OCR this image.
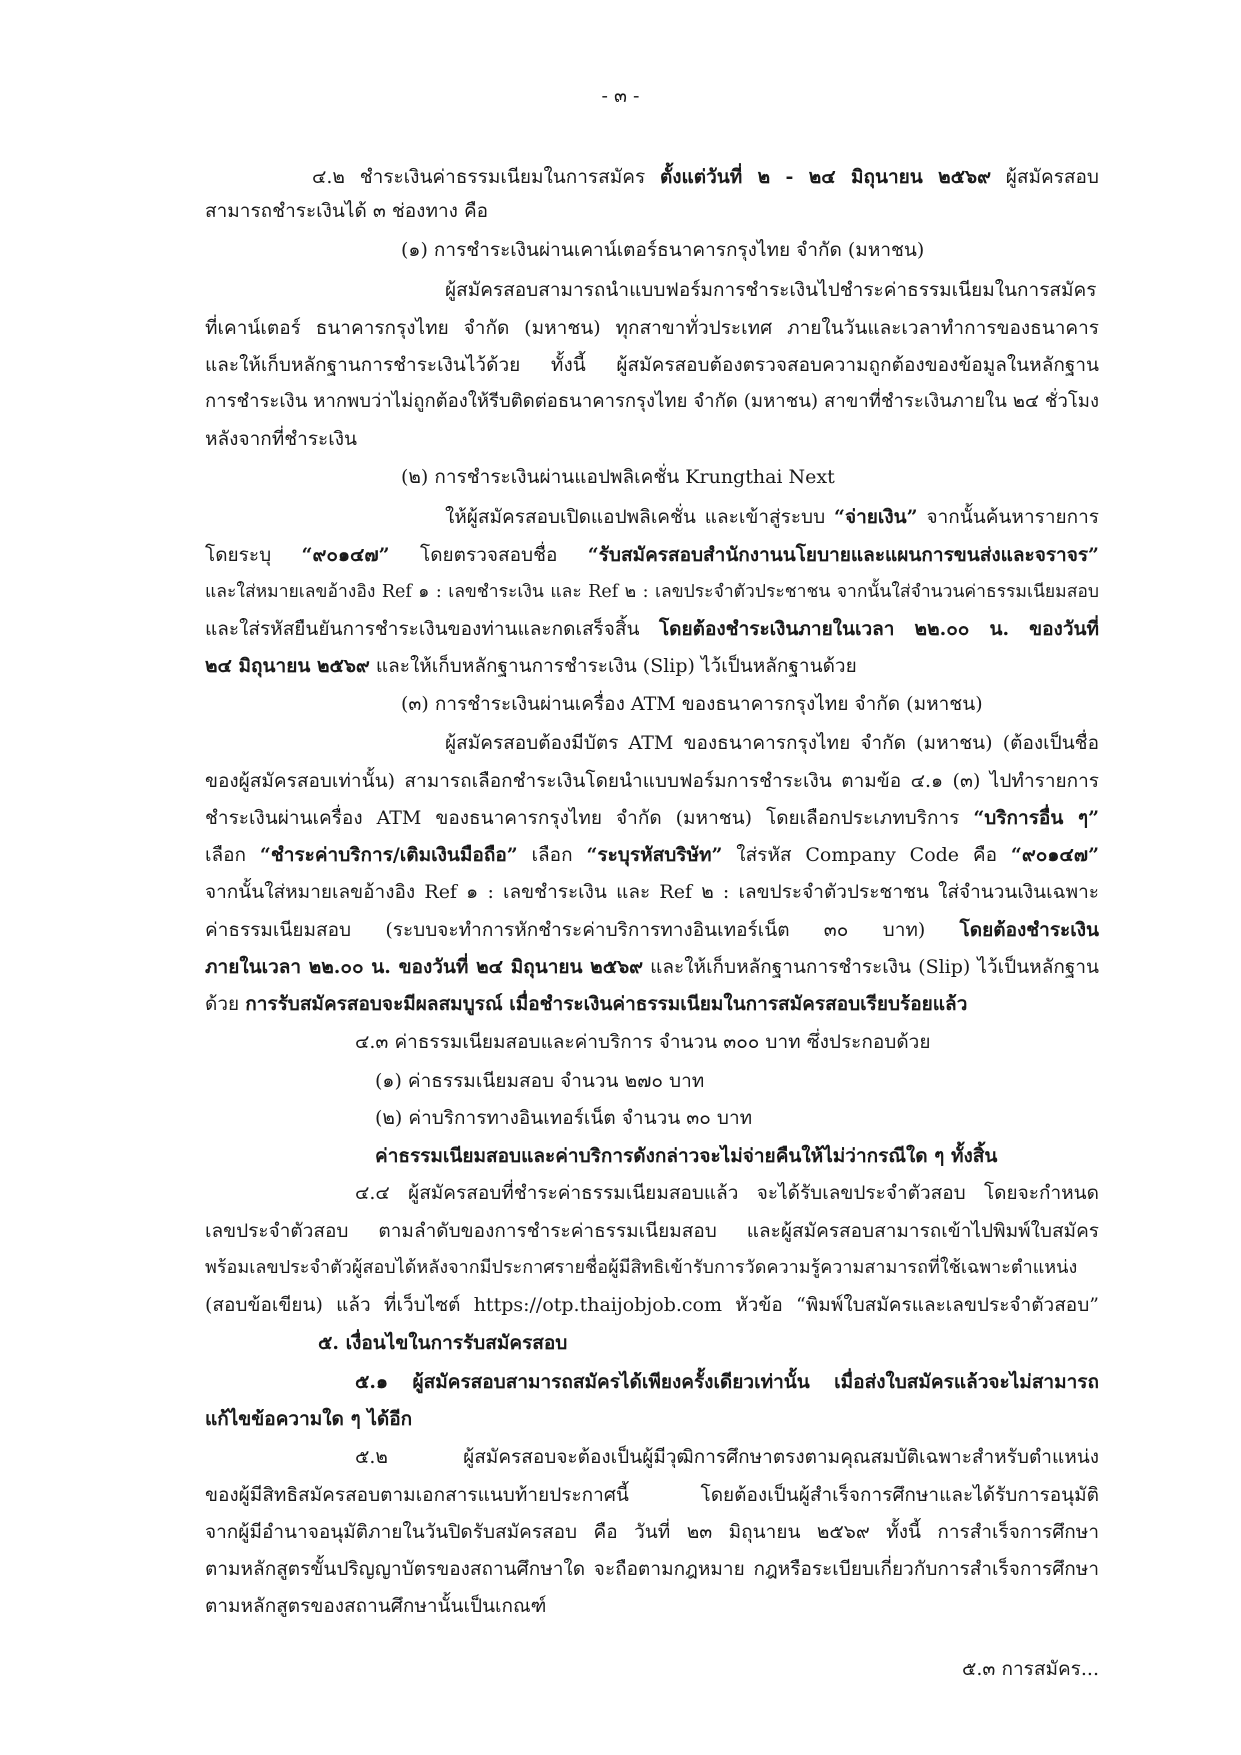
- ๓ -
๔.๒ ชำระเงินค่าธรรมเนียมในการสมัคร ตั้งแต่วันที่ ๒ - ๒๔ มิถุนายน ๒๕๖๙ ผู้สมัครสอบ
สามารถชำระเงินได้ ๓ ช่องทาง คือ
(๑) การชำระเงินผ่านเคาน์เตอร์ธนาคารกรุงไทย จำกัด (มหาชน)
ผู้สมัครสอบสามารถนำแบบฟอร์มการชำระเงินไปชำระค่าธรรมเนียมในการสมัคร
ที่เคาน์เตอร์ ธนาคารกรุงไทย จำกัด (มหาชน) ทุกสาขาทั่วประเทศ ภายในวันและเวลาทำการของธนาคาร
และให้เก็บหลักฐานการชำระเงินไว้ด้วย ทั้งนี้ ผู้สมัครสอบต้องตรวจสอบความถูกต้องของข้อมูลในหลักฐาน
การชำระเงิน หากพบว่าไม่ถูกต้องให้รีบติดต่อธนาคารกรุงไทย จำกัด (มหาชน) สาขาที่ชำระเงินภายใน ๒๔ ชั่วโมง
หลังจากที่ชำระเงิน
(๒) การชำระเงินผ่านแอปพลิเคชั่น Krungthai Next
ให้ผู้สมัครสอบเปิดแอปพลิเคชั่น และเข้าสู่ระบบ “จ่ายเงิน” จากนั้นค้นหารายการ
โดยระบุ “๙๐๑๔๗” โดยตรวจสอบชื่อ “รับสมัครสอบสำนักงานนโยบายและแผนการขนส่งและจราจร”
และใส่หมายเลขอ้างอิง Ref ๑ : เลขชำระเงิน และ Ref ๒ : เลขประจำตัวประชาชน จากนั้นใส่จำนวนค่าธรรมเนียมสอบ
และใส่รหัสยืนยันการชำระเงินของท่านและกดเสร็จสิ้น โดยต้องชำระเงินภายในเวลา ๒๒.๐๐ น. ของวันที่
๒๔ มิถุนายน ๒๕๖๙ และให้เก็บหลักฐานการชำระเงิน (Slip) ไว้เป็นหลักฐานด้วย
(๓) การชำระเงินผ่านเครื่อง ATM ของธนาคารกรุงไทย จำกัด (มหาชน)
ผู้สมัครสอบต้องมีบัตร ATM ของธนาคารกรุงไทย จำกัด (มหาชน) (ต้องเป็นชื่อ
ของผู้สมัครสอบเท่านั้น) สามารถเลือกชำระเงินโดยนำแบบฟอร์มการชำระเงิน ตามข้อ ๔.๑ (๓) ไปทำรายการ
ชำระเงินผ่านเครื่อง ATM ของธนาคารกรุงไทย จำกัด (มหาชน) โดยเลือกประเภทบริการ “บริการอื่น ๆ”
เลือก “ชำระค่าบริการ/เติมเงินมือถือ” เลือก “ระบุรหัสบริษัท” ใส่รหัส Company Code คือ “๙๐๑๔๗”
จากนั้นใส่หมายเลขอ้างอิง Ref ๑ : เลขชำระเงิน และ Ref ๒ : เลขประจำตัวประชาชน ใส่จำนวนเงินเฉพาะ
ค่าธรรมเนียมสอบ (ระบบจะทำการหักชำระค่าบริการทางอินเทอร์เน็ต ๓๐ บาท) โดยต้องชำระเงิน
ภายในเวลา ๒๒.๐๐ น. ของวันที่ ๒๔ มิถุนายน ๒๕๖๙ และให้เก็บหลักฐานการชำระเงิน (Slip) ไว้เป็นหลักฐาน
ด้วย การรับสมัครสอบจะมีผลสมบูรณ์ เมื่อชำระเงินค่าธรรมเนียมในการสมัครสอบเรียบร้อยแล้ว
๔.๓ ค่าธรรมเนียมสอบและค่าบริการ จำนวน ๓๐๐ บาท ซึ่งประกอบด้วย
(๑) ค่าธรรมเนียมสอบ จำนวน ๒๗๐ บาท
(๒) ค่าบริการทางอินเทอร์เน็ต จำนวน ๓๐ บาท
ค่าธรรมเนียมสอบและค่าบริการดังกล่าวจะไม่จ่ายคืนให้ไม่ว่ากรณีใด ๆ ทั้งสิ้น
๔.๔ ผู้สมัครสอบที่ชำระค่าธรรมเนียมสอบแล้ว จะได้รับเลขประจำตัวสอบ โดยจะกำหนด
เลขประจำตัวสอบ ตามลำดับของการชำระค่าธรรมเนียมสอบ และผู้สมัครสอบสามารถเข้าไปพิมพ์ใบสมัคร
พร้อมเลขประจำตัวผู้สอบได้หลังจากมีประกาศรายชื่อผู้มีสิทธิเข้ารับการวัดความรู้ความสามารถที่ใช้เฉพาะตำแหน่ง
(สอบข้อเขียน) แล้ว ที่เว็บไซต์ https://otp.thaijobjob.com หัวข้อ “พิมพ์ใบสมัครและเลขประจำตัวสอบ”
๕. เงื่อนไขในการรับสมัครสอบ
๕.๑ ผู้สมัครสอบสามารถสมัครได้เพียงครั้งเดียวเท่านั้น เมื่อส่งใบสมัครแล้วจะไม่สามารถ
แก้ไขข้อความใด ๆ ได้อีก
๕.๒ ผู้สมัครสอบจะต้องเป็นผู้มีวุฒิการศึกษาตรงตามคุณสมบัติเฉพาะสำหรับตำแหน่ง
ของผู้มีสิทธิสมัครสอบตามเอกสารแนบท้ายประกาศนี้ โดยต้องเป็นผู้สำเร็จการศึกษาและได้รับการอนุมัติ
จากผู้มีอำนาจอนุมัติภายในวันปิดรับสมัครสอบ คือ วันที่ ๒๓ มิถุนายน ๒๕๖๙ ทั้งนี้ การสำเร็จการศึกษา
ตามหลักสูตรขั้นปริญญาบัตรของสถานศึกษาใด จะถือตามกฎหมาย กฎหรือระเบียบเกี่ยวกับการสำเร็จการศึกษา
ตามหลักสูตรของสถานศึกษานั้นเป็นเกณฑ์
๕.๓ การสมัคร...
